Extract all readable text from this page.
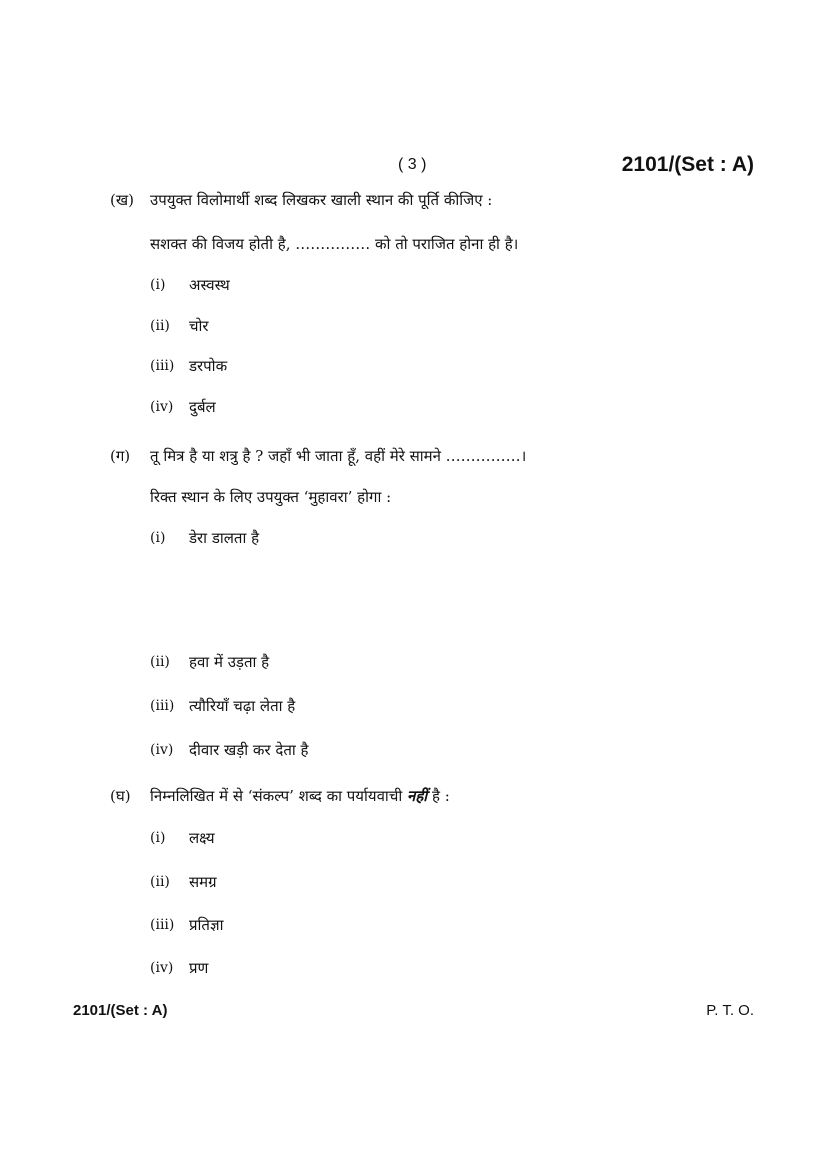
( 3 )	2101/(Set : A)
(ख) उपयुक्त विलोमार्थी शब्द लिखकर खाली स्थान की पूर्ति कीजिए :
सशक्त की विजय होती है, …………… को तो पराजित होना ही है।
(i) अस्वस्थ
(ii) चोर
(iii) डरपोक
(iv) दुर्बल
(ग) तू मित्र है या शत्रु है ? जहाँ भी जाता हूँ, वहीं मेरे सामने ……………।
रिक्त स्थान के लिए उपयुक्त ‘मुहावरा’ होगा :
(i) डेरा डालता है
(ii) हवा में उड़ता है
(iii) त्यौरियाँ चढ़ा लेता है
(iv) दीवार खड़ी कर देता है
(घ) निम्नलिखित में से ‘संकल्प’ शब्द का पर्यायवाची नहीं है :
(i) लक्ष्य
(ii) समग्र
(iii) प्रतिज्ञा
(iv) प्रण
2101/(Set : A)	P. T. O.
